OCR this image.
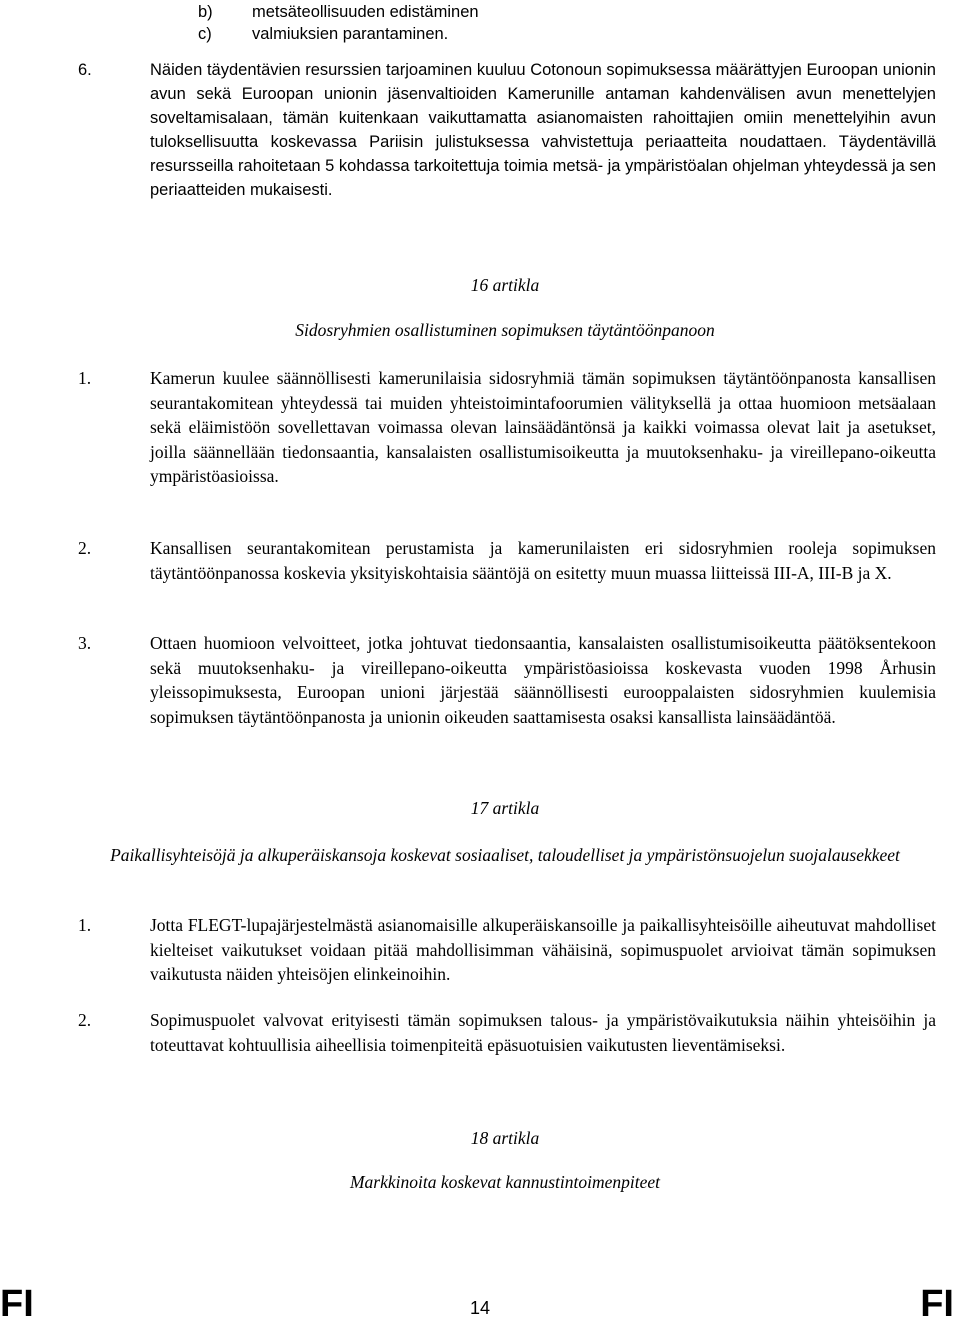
b) metsäteollisuuden edistäminen
c) valmiuksien parantaminen.
6.	Näiden täydentävien resurssien tarjoaminen kuuluu Cotonoun sopimuksessa määrättyjen Euroopan unionin avun sekä Euroopan unionin jäsenvaltioiden Kamerunille antaman kahdenvälisen avun menettelyjen soveltamisalaan, tämän kuitenkaan vaikuttamatta asianomaisten rahoittajien omiin menettelyihin avun tuloksellisuutta koskevassa Pariisin julistuksessa vahvistettuja periaatteita noudattaen. Täydentävillä resursseilla rahoitetaan 5 kohdassa tarkoitettuja toimia metsä- ja ympäristöalan ohjelman yhteydessä ja sen periaatteiden mukaisesti.
16 artikla
Sidosryhmien osallistuminen sopimuksen täytäntöönpanoon
1.	Kamerun kuulee säännöllisesti kamerunilaisia sidosryhmiä tämän sopimuksen täytäntöönpanosta kansallisen seurantakomitean yhteydessä tai muiden yhteistoimintafoorumien välityksellä ja ottaa huomioon metsäalaan sekä eläimistöön sovellettavan voimassa olevan lainsäädäntönsä ja kaikki voimassa olevat lait ja asetukset, joilla säännellään tiedonsaantia, kansalaisten osallistumisoikeutta ja muutoksenhaku- ja vireillepano-oikeutta ympäristöasioissa.
2.	Kansallisen seurantakomitean perustamista ja kamerunilaisten eri sidosryhmien rooleja sopimuksen täytäntöönpanossa koskevia yksityiskohtaisia sääntöjä on esitetty muun muassa liitteissä III-A, III-B ja X.
3.	Ottaen huomioon velvoitteet, jotka johtuvat tiedonsaantia, kansalaisten osallistumisoikeutta päätöksentekoon sekä muutoksenhaku- ja vireillepano-oikeutta ympäristöasioissa koskevasta vuoden 1998 Århusin yleissopimuksesta, Euroopan unioni järjestää säännöllisesti eurooppalaisten sidosryhmien kuulemisia sopimuksen täytäntöönpanosta ja unionin oikeuden saattamisesta osaksi kansallista lainsäädäntöä.
17 artikla
Paikallisyhteisöjä ja alkuperäiskansoja koskevat sosiaaliset, taloudelliset ja ympäristönsuojelun suojalausekkeet
1.	Jotta FLEGT-lupajärjestelmästä asianomaisille alkuperäiskansoille ja paikallisyhteisöille aiheutuvat mahdolliset kielteiset vaikutukset voidaan pitää mahdollisimman vähäisinä, sopimuspuolet arvioivat tämän sopimuksen vaikutusta näiden yhteisöjen elinkeinoihin.
2.	Sopimuspuolet valvovat erityisesti tämän sopimuksen talous- ja ympäristövaikutuksia näihin yhteisöihin ja toteuttavat kohtuullisia aiheellisia toimenpiteitä epäsuotuisien vaikutusten lieventämiseksi.
18 artikla
Markkinoita koskevat kannustintoimenpiteet
FI	14	FI
